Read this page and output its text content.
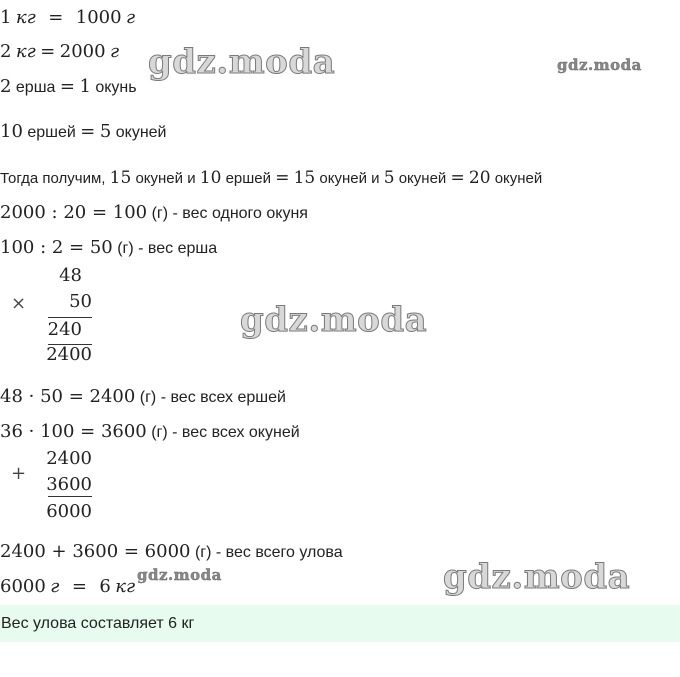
1 кг = 1000 г
2 кг = 2000 г
2 ерша = 1 окунь
10 ершей = 5 окуней
Тогда получим, 15 окуней и 10 ершей = 15 окуней и 5 окуней = 20 окуней
2000 : 20 = 100 (г) - вес одного окуня
100 : 2 = 50 (г) - вес ерша
×
48
50
240
2400
48 · 50 = 2400 (г) - вес всех ершей
36 · 100 = 3600 (г) - вес всех окуней
+
2400
3600
6000
2400 + 3600 = 6000 (г) - вес всего улова
6000 г = 6 кг
Вес улова составляет 6 кг
gdz.moda	gdz.moda
gdz.moda
gdz.moda	gdz.moda
